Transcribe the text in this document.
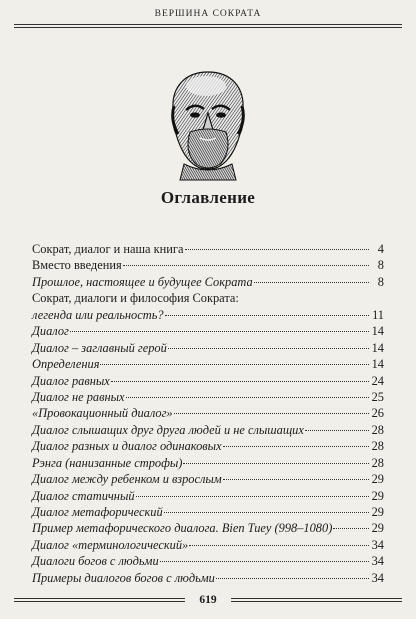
ВЕРШИНА СОКРАТА
Оглавление
Сократ, диалог и наша книга	4
Вместо введения	8
Прошлое, настоящее и будущее Сократа	8
Сократ, диалоги и философия Сократа:
легенда или реальность?	11
Диалог	14
Диалог – заглавный герой	14
Определения	14
Диалог равных	24
Диалог не равных	25
«Провокационный диалог»	26
Диалог слышащих друг друга людей и не слышащих	28
Диалог разных и диалог одинаковых	28
Рэнга (нанизанные строфы)	28
Диалог между ребенком и взрослым	29
Диалог статичный	29
Диалог метафорический	29
Пример метафорического диалога. Вien Тиеу (998–1080)	29
Диалог «терминологический»	34
Диалоги богов с людьми	34
Примеры диалогов богов с людьми	34
619
